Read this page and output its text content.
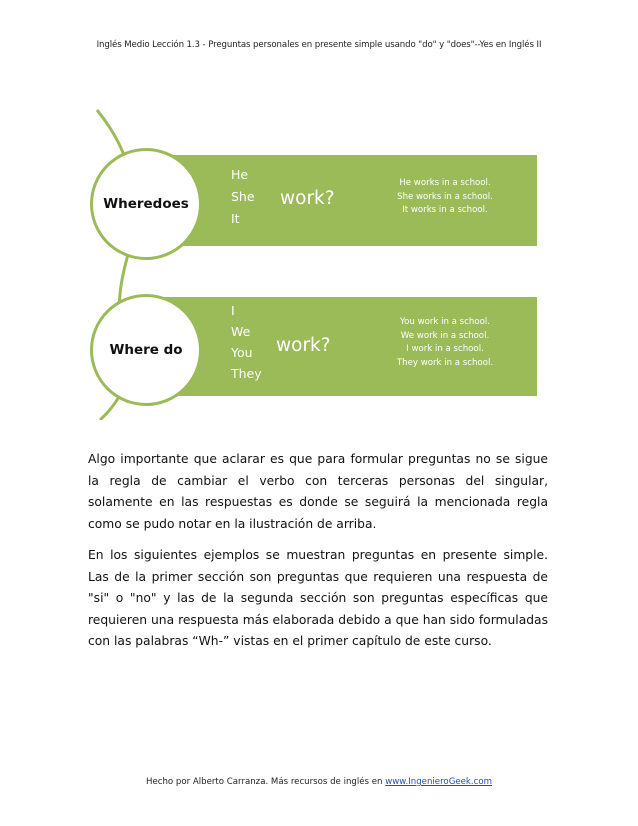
Inglés Medio Lección 1.3 - Preguntas personales en presente simple usando "do" y "does"--Yes en Inglés II
He
She
It
work?
He works in a school.
She works in a school.
It works in a school.
Wheredoes
I
We
You
They
work?
You work in a school.
We work in a school.
I work in a school.
They work in a school.
Where do

Algo importante que aclarar es que para formular preguntas no se sigue la regla de cambiar el verbo con terceras personas del singular, solamente en las respuestas es donde se seguirá la mencionada regla como se pudo notar en la ilustración de arriba.

En los siguientes ejemplos se muestran preguntas en presente simple. Las de la primer sección son preguntas que requieren una respuesta de "si" o "no" y las de la segunda sección son preguntas específicas que requieren una respuesta más elaborada debido a que han sido formuladas con las palabras “Wh-” vistas en el primer capítulo de este curso.

Hecho por Alberto Carranza. Más recursos de inglés en www.IngenieroGeek.com
